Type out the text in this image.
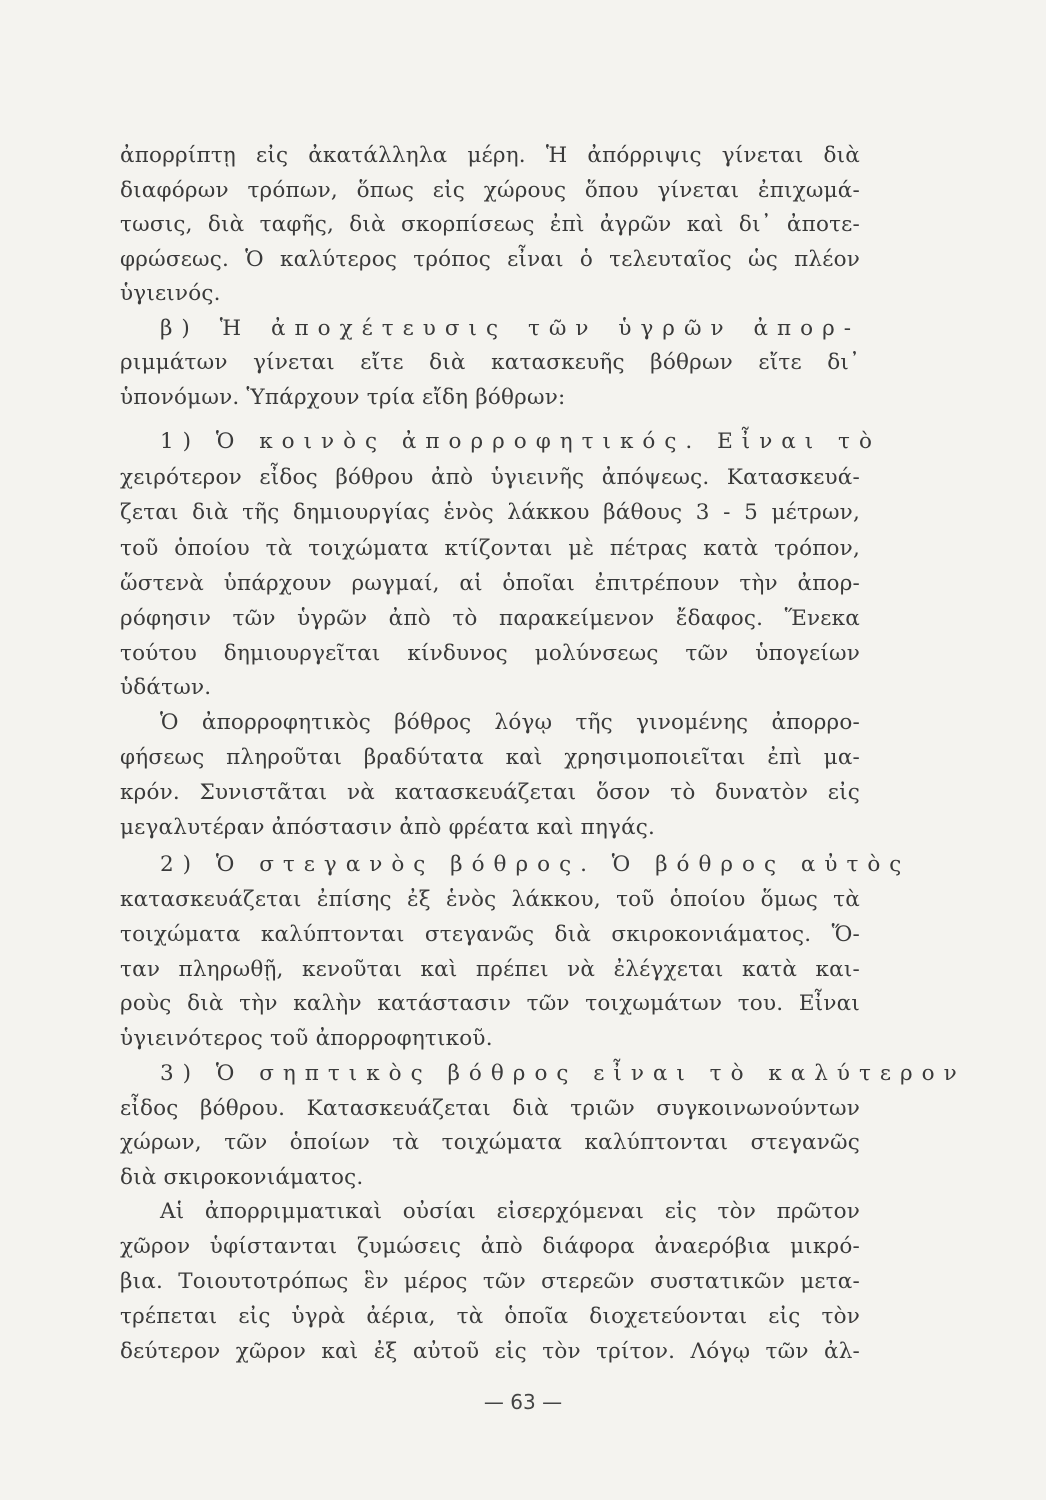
ἀπορρίπτῃ εἰς ἀκατάλληλα μέρη. Ἡ ἀπόρριψις γίνεται διὰ
διαφόρων τρόπων, ὅπως εἰς χώρους ὅπου γίνεται ἐπιχωμά-
τωσις, διὰ ταφῆς, διὰ σκορπίσεως ἐπὶ ἀγρῶν καὶ δι᾽ ἀποτε-
φρώσεως. Ὁ καλύτερος τρόπος εἶναι ὁ τελευταῖος ὡς πλέον
ὑγιεινός.
β) Ἡ ἀποχέτευσις τῶν ὑγρῶν ἀπορ-
ριμμάτων γίνεται εἴτε διὰ κατασκευῆς βόθρων εἴτε δι᾽
ὑπονόμων. Ὑπάρχουν τρία εἴδη βόθρων:
1) Ὁ κοινὸς ἀπορροφητικός. Εἶναι τὸ
χειρότερον εἶδος βόθρου ἀπὸ ὑγιεινῆς ἀπόψεως. Κατασκευά-
ζεται διὰ τῆς δημιουργίας ἑνὸς λάκκου βάθους 3 - 5 μέτρων,
τοῦ ὁποίου τὰ τοιχώματα κτίζονται μὲ πέτρας κατὰ τρόπον,
ὥστενὰ ὑπάρχουν ρωγμαί, αἱ ὁποῖαι ἐπιτρέπουν τὴν ἀπορ-
ρόφησιν τῶν ὑγρῶν ἀπὸ τὸ παρακείμενον ἔδαφος. Ἕνεκα
τούτου δημιουργεῖται κίνδυνος μολύνσεως τῶν ὑπογείων
ὑδάτων.
Ὁ ἀπορροφητικὸς βόθρος λόγῳ τῆς γινομένης ἀπορρο-
φήσεως πληροῦται βραδύτατα καὶ χρησιμοποιεῖται ἐπὶ μα-
κρόν. Συνιστᾶται νὰ κατασκευάζεται ὅσον τὸ δυνατὸν εἰς
μεγαλυτέραν ἀπόστασιν ἀπὸ φρέατα καὶ πηγάς.
2) Ὁ στεγανὸς βόθρος. Ὁ βόθρος αὐτὸς
κατασκευάζεται ἐπίσης ἐξ ἑνὸς λάκκου, τοῦ ὁποίου ὅμως τὰ
τοιχώματα καλύπτονται στεγανῶς διὰ σκιροκονιάματος. Ὅ-
ταν πληρωθῇ, κενοῦται καὶ πρέπει νὰ ἐλέγχεται κατὰ και-
ροὺς διὰ τὴν καλὴν κατάστασιν τῶν τοιχωμάτων του. Εἶναι
ὑγιεινότερος τοῦ ἀπορροφητικοῦ.
3) Ὁ σηπτικὸς βόθρος εἶναι τὸ καλύτερον
εἶδος βόθρου. Κατασκευάζεται διὰ τριῶν συγκοινωνούντων
χώρων, τῶν ὁποίων τὰ τοιχώματα καλύπτονται στεγανῶς
διὰ σκιροκονιάματος.
Αἱ ἀπορριμματικαὶ οὐσίαι εἰσερχόμεναι εἰς τὸν πρῶτον
χῶρον ὑφίστανται ζυμώσεις ἀπὸ διάφορα ἀναερόβια μικρό-
βια. Τοιουτοτρόπως ἓν μέρος τῶν στερεῶν συστατικῶν μετα-
τρέπεται εἰς ὑγρὰ ἀέρια, τὰ ὁποῖα διοχετεύονται εἰς τὸν
δεύτερον χῶρον καὶ ἐξ αὐτοῦ εἰς τὸν τρίτον. Λόγῳ τῶν ἀλ-
— 63 —
